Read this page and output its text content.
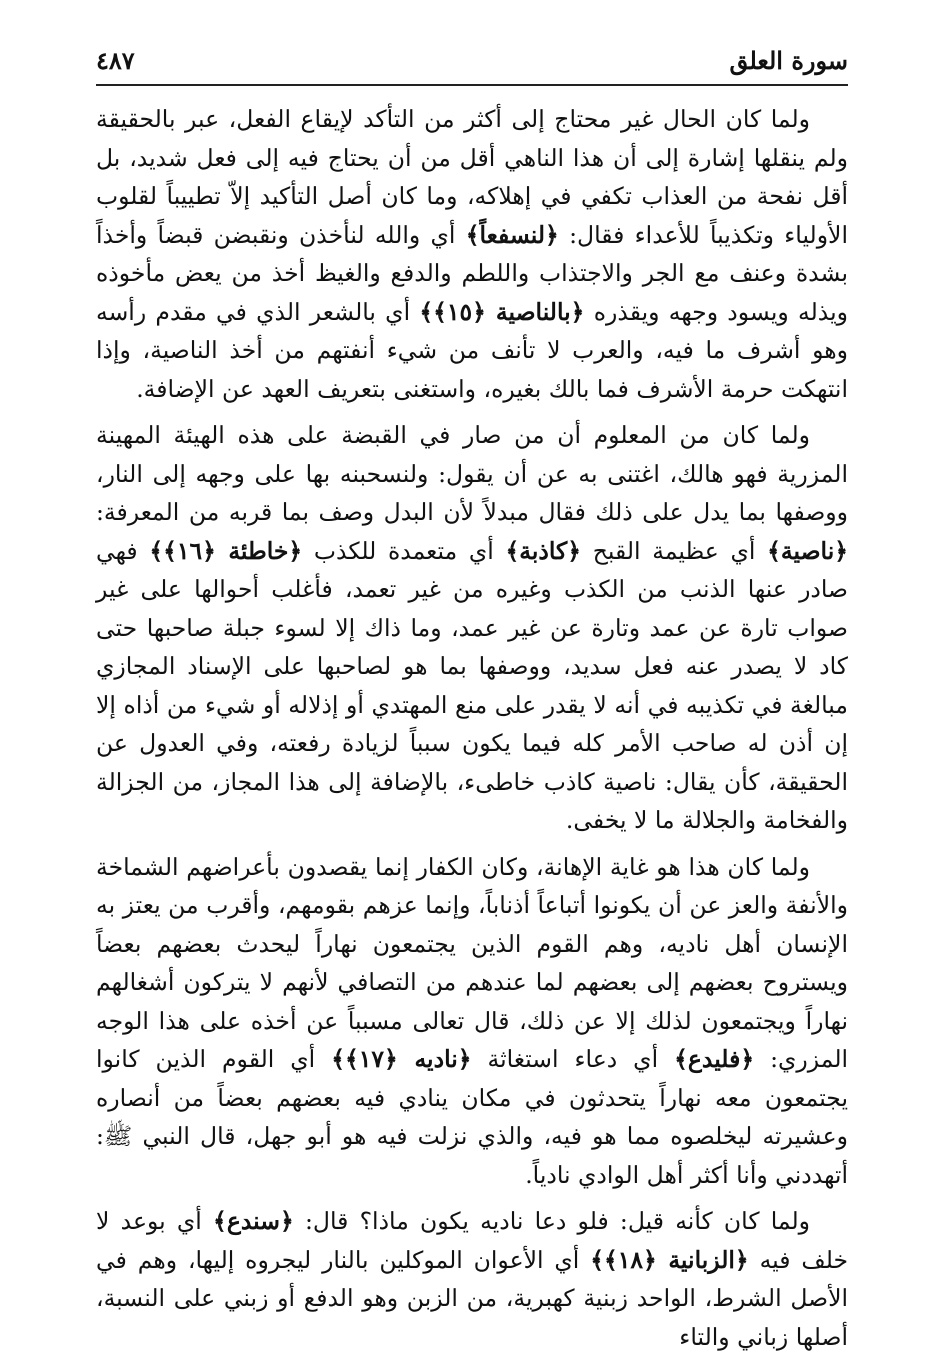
سورة العلق
٤٨٧

ولما كان الحال غير محتاج إلى أكثر من التأكد لإيقاع الفعل، عبر بالحقيقة ولم ينقلها إشارة إلى أن هذا الناهي أقل من أن يحتاج فيه إلى فعل شديد، بل أقل نفحة من العذاب تكفي في إهلاكه، وما كان أصل التأكيد إلاّ تطييباً لقلوب الأولياء وتكذيباً للأعداء فقال: ﴿لنسفعاً﴾ أي والله لنأخذن ونقبضن قبضاً وأخذاً بشدة وعنف مع الجر والاجتذاب واللطم والدفع والغيظ أخذ من يعض مأخوذه ويذله ويسود وجهه ويقذره ﴿بالناصية ﴿١٥﴾﴾ أي بالشعر الذي في مقدم رأسه وهو أشرف ما فيه، والعرب لا تأنف من شيء أنفتهم من أخذ الناصية، وإذا انتهكت حرمة الأشرف فما بالك بغيره، واستغنى بتعريف العهد عن الإضافة.

ولما كان من المعلوم أن من صار في القبضة على هذه الهيئة المهينة المزرية فهو هالك، اغتنى به عن أن يقول: ولنسحبنه بها على وجهه إلى النار، ووصفها بما يدل على ذلك فقال مبدلاً لأن البدل وصف بما قربه من المعرفة: ﴿ناصية﴾ أي عظيمة القبح ﴿كاذبة﴾ أي متعمدة للكذب ﴿خاطئة ﴿١٦﴾﴾ فهي صادر عنها الذنب من الكذب وغيره من غير تعمد، فأغلب أحوالها على غير صواب تارة عن عمد وتارة عن غير عمد، وما ذاك إلا لسوء جبلة صاحبها حتى كاد لا يصدر عنه فعل سديد، ووصفها بما هو لصاحبها على الإسناد المجازي مبالغة في تكذيبه في أنه لا يقدر على منع المهتدي أو إذلاله أو شيء من أذاه إلا إن أذن له صاحب الأمر كله فيما يكون سبباً لزيادة رفعته، وفي العدول عن الحقيقة، كأن يقال: ناصية كاذب خاطىء، بالإضافة إلى هذا المجاز، من الجزالة والفخامة والجلالة ما لا يخفى.

ولما كان هذا هو غاية الإهانة، وكان الكفار إنما يقصدون بأعراضهم الشماخة والأنفة والعز عن أن يكونوا أتباعاً أذناباً، وإنما عزهم بقومهم، وأقرب من يعتز به الإنسان أهل ناديه، وهم القوم الذين يجتمعون نهاراً ليحدث بعضهم بعضاً ويستروح بعضهم إلى بعضهم لما عندهم من التصافي لأنهم لا يتركون أشغالهم نهاراً ويجتمعون لذلك إلا عن ذلك، قال تعالى مسبباً عن أخذه على هذا الوجه المزري: ﴿فليدع﴾ أي دعاء استغاثة ﴿ناديه ﴿١٧﴾﴾ أي القوم الذين كانوا يجتمعون معه نهاراً يتحدثون في مكان ينادي فيه بعضهم بعضاً من أنصاره وعشيرته ليخلصوه مما هو فيه، والذي نزلت فيه هو أبو جهل، قال النبي ﷺ: أتهددني وأنا أكثر أهل الوادي نادياً.

ولما كان كأنه قيل: فلو دعا ناديه يكون ماذا؟ قال: ﴿سندع﴾ أي بوعد لا خلف فيه ﴿الزبانية ﴿١٨﴾﴾ أي الأعوان الموكلين بالنار ليجروه إليها، وهم في الأصل الشرط، الواحد زبنية كهبرية، من الزبن وهو الدفع أو زبني على النسبة، أصلها زباني والتاء
